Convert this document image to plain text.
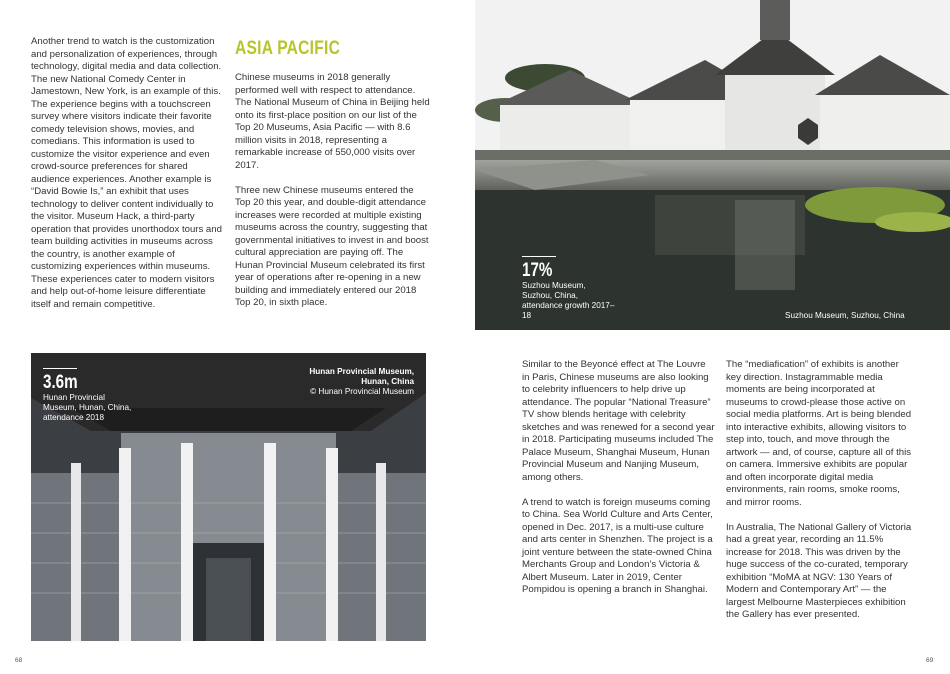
Another trend to watch is the customization and personalization of experiences, through technology, digital media and data collection. The new National Comedy Center in Jamestown, New York, is an example of this. The experience begins with a touchscreen survey where visitors indicate their favorite comedy television shows, movies, and comedians. This information is used to customize the visitor experience and even crowd-source preferences for shared audience experiences. Another example is “David Bowie Is,” an exhibit that uses technology to deliver content individually to the visitor. Museum Hack, a third-party operation that provides unorthodox tours and team building activities in museums across the country, is another example of customizing experiences within museums. These experiences cater to modern visitors and help out-of-home leisure differentiate itself and remain competitive.

ASIA PACIFIC

Chinese museums in 2018 generally performed well with respect to attendance. The National Museum of China in Beijing held onto its first-place position on our list of the Top 20 Museums, Asia Pacific — with 8.6 million visits in 2018, representing a remarkable increase of 550,000 visits over 2017.

Three new Chinese museums entered the Top 20 this year, and double-digit attendance increases were recorded at multiple existing museums across the country, suggesting that governmental initiatives to invest in and boost cultural appreciation are paying off. The Hunan Provincial Museum celebrated its first year of operations after re-opening in a new building and immediately entered our 2018 Top 20, in sixth place.

17%
Suzhou Museum, Suzhou, China, attendance growth 2017–18	Suzhou Museum, Suzhou, China
3.6m
Hunan Provincial Museum, Hunan, China, attendance 2018
Hunan Provincial Museum,
Hunan, China
© Hunan Provincial Museum

Similar to the Beyoncé effect at The Louvre in Paris, Chinese museums are also looking to celebrity influencers to help drive up attendance. The popular “National Treasure” TV show blends heritage with celebrity sketches and was renewed for a second year in 2018. Participating museums included The Palace Museum, Shanghai Museum, Hunan Provincial Museum and Nanjing Museum, among others.

A trend to watch is foreign museums coming to China. Sea World Culture and Arts Center, opened in Dec. 2017, is a multi-use culture and arts center in Shenzhen. The project is a joint venture between the state-owned China Merchants Group and London’s Victoria & Albert Museum. Later in 2019, Center Pompidou is opening a branch in Shanghai.

The “mediafication” of exhibits is another key direction. Instagrammable media moments are being incorporated at museums to crowd-please those active on social media platforms. Art is being blended into interactive exhibits, allowing visitors to step into, touch, and move through the artwork — and, of course, capture all of this on camera. Immersive exhibits are popular and often incorporate digital media environments, rain rooms, smoke rooms, and mirror rooms.

In Australia, The National Gallery of Victoria had a great year, recording an 11.5% increase for 2018. This was driven by the huge success of the co-curated, temporary exhibition “MoMA at NGV: 130 Years of Modern and Contemporary Art” — the largest Melbourne Masterpieces exhibition the Gallery has ever presented.

68	69
